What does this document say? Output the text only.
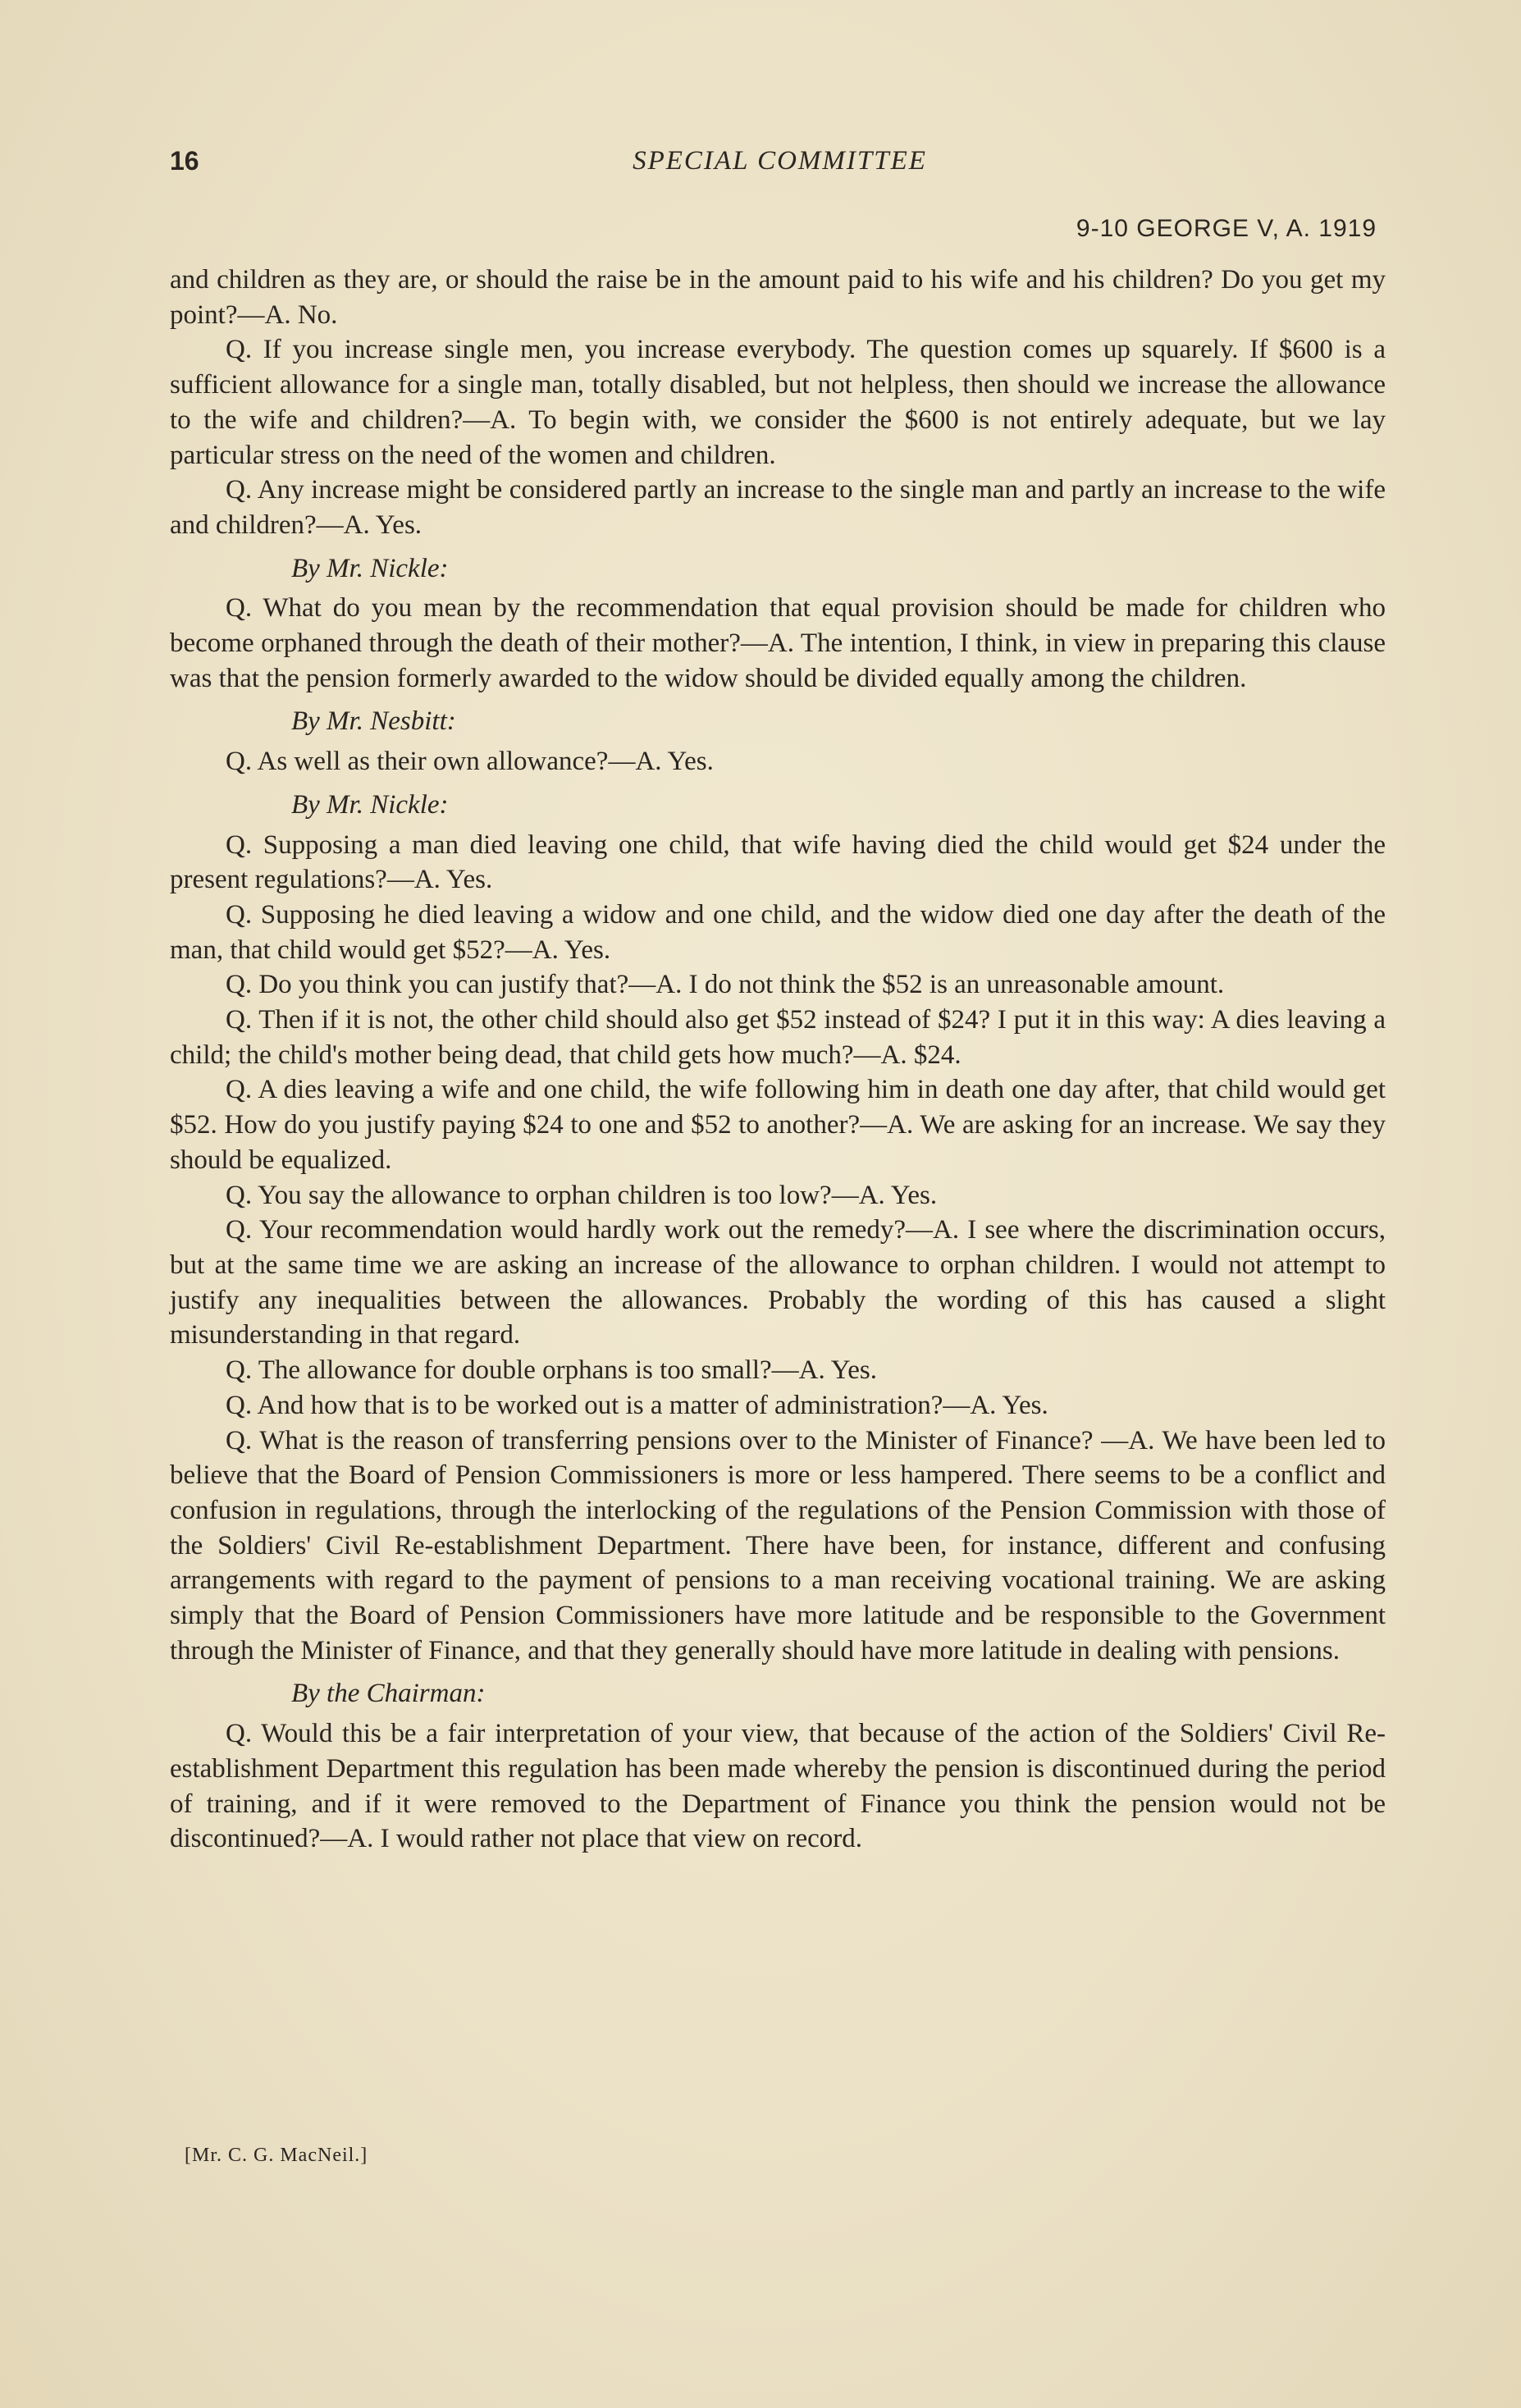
16	SPECIAL COMMITTEE
9-10 GEORGE V, A. 1919

and children as they are, or should the raise be in the amount paid to his wife and his children? Do you get my point?—A. No.

Q. If you increase single men, you increase everybody. The question comes up squarely. If $600 is a sufficient allowance for a single man, totally disabled, but not helpless, then should we increase the allowance to the wife and children?—A. To begin with, we consider the $600 is not entirely adequate, but we lay particular stress on the need of the women and children.

Q. Any increase might be considered partly an increase to the single man and partly an increase to the wife and children?—A. Yes.

By Mr. Nickle:

Q. What do you mean by the recommendation that equal provision should be made for children who become orphaned through the death of their mother?—A. The intention, I think, in view in preparing this clause was that the pension formerly awarded to the widow should be divided equally among the children.

By Mr. Nesbitt:

Q. As well as their own allowance?—A. Yes.

By Mr. Nickle:

Q. Supposing a man died leaving one child, that wife having died the child would get $24 under the present regulations?—A. Yes.

Q. Supposing he died leaving a widow and one child, and the widow died one day after the death of the man, that child would get $52?—A. Yes.

Q. Do you think you can justify that?—A. I do not think the $52 is an unreasonable amount.

Q. Then if it is not, the other child should also get $52 instead of $24? I put it in this way: A dies leaving a child; the child's mother being dead, that child gets how much?—A. $24.

Q. A dies leaving a wife and one child, the wife following him in death one day after, that child would get $52. How do you justify paying $24 to one and $52 to another?—A. We are asking for an increase. We say they should be equalized.

Q. You say the allowance to orphan children is too low?—A. Yes.

Q. Your recommendation would hardly work out the remedy?—A. I see where the discrimination occurs, but at the same time we are asking an increase of the allowance to orphan children. I would not attempt to justify any inequalities between the allowances. Probably the wording of this has caused a slight misunderstanding in that regard.

Q. The allowance for double orphans is too small?—A. Yes.

Q. And how that is to be worked out is a matter of administration?—A. Yes.

Q. What is the reason of transferring pensions over to the Minister of Finance? —A. We have been led to believe that the Board of Pension Commissioners is more or less hampered. There seems to be a conflict and confusion in regulations, through the interlocking of the regulations of the Pension Commission with those of the Soldiers' Civil Re-establishment Department. There have been, for instance, different and confusing arrangements with regard to the payment of pensions to a man receiving vocational training. We are asking simply that the Board of Pension Commissioners have more latitude and be responsible to the Government through the Minister of Finance, and that they generally should have more latitude in dealing with pensions.

By the Chairman:

Q. Would this be a fair interpretation of your view, that because of the action of the Soldiers' Civil Re-establishment Department this regulation has been made whereby the pension is discontinued during the period of training, and if it were removed to the Department of Finance you think the pension would not be discontinued?—A. I would rather not place that view on record.

[Mr. C. G. MacNeil.]
